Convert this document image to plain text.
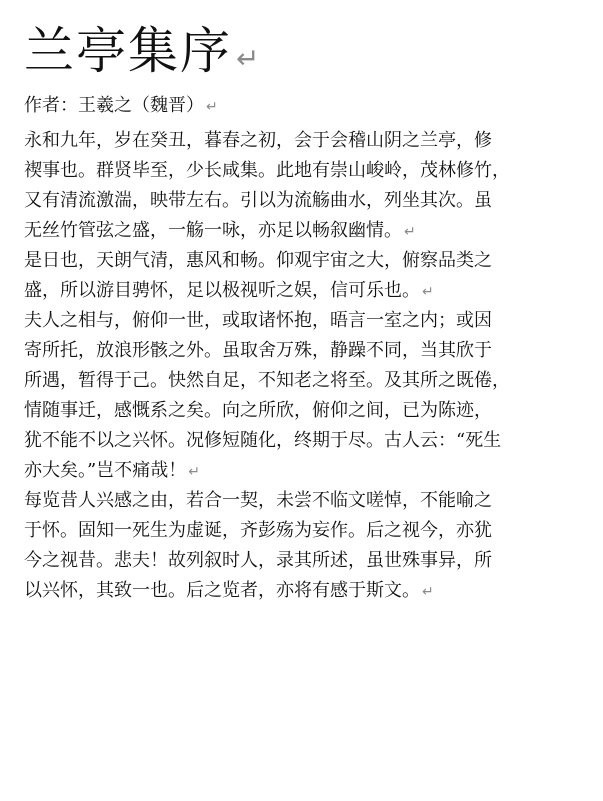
兰亭集序 ↵
作者：王羲之（魏晋） ↵
永和九年，岁在癸丑，暮春之初，会于会稽山阴之兰亭，修
禊事也。群贤毕至，少长咸集。此地有崇山峻岭，茂林修竹，
又有清流激湍，映带左右。引以为流觞曲水，列坐其次。虽
无丝竹管弦之盛，一觞一咏，亦足以畅叙幽情。 ↵
是日也，天朗气清，惠风和畅。仰观宇宙之大，俯察品类之
盛，所以游目骋怀，足以极视听之娱，信可乐也。 ↵
夫人之相与，俯仰一世，或取诸怀抱，晤言一室之内；或因
寄所托，放浪形骸之外。虽取舍万殊，静躁不同，当其欣于
所遇，暂得于己。快然自足，不知老之将至。及其所之既倦，
情随事迁，感慨系之矣。向之所欣，俯仰之间，已为陈迹，
犹不能不以之兴怀。况修短随化，终期于尽。古人云：“死生
亦大矣。”岂不痛哉！ ↵
每览昔人兴感之由，若合一契，未尝不临文嗟悼，不能喻之
于怀。固知一死生为虚诞，齐彭殇为妄作。后之视今，亦犹
今之视昔。悲夫！故列叙时人，录其所述，虽世殊事异，所
以兴怀，其致一也。后之览者，亦将有感于斯文。 ↵
